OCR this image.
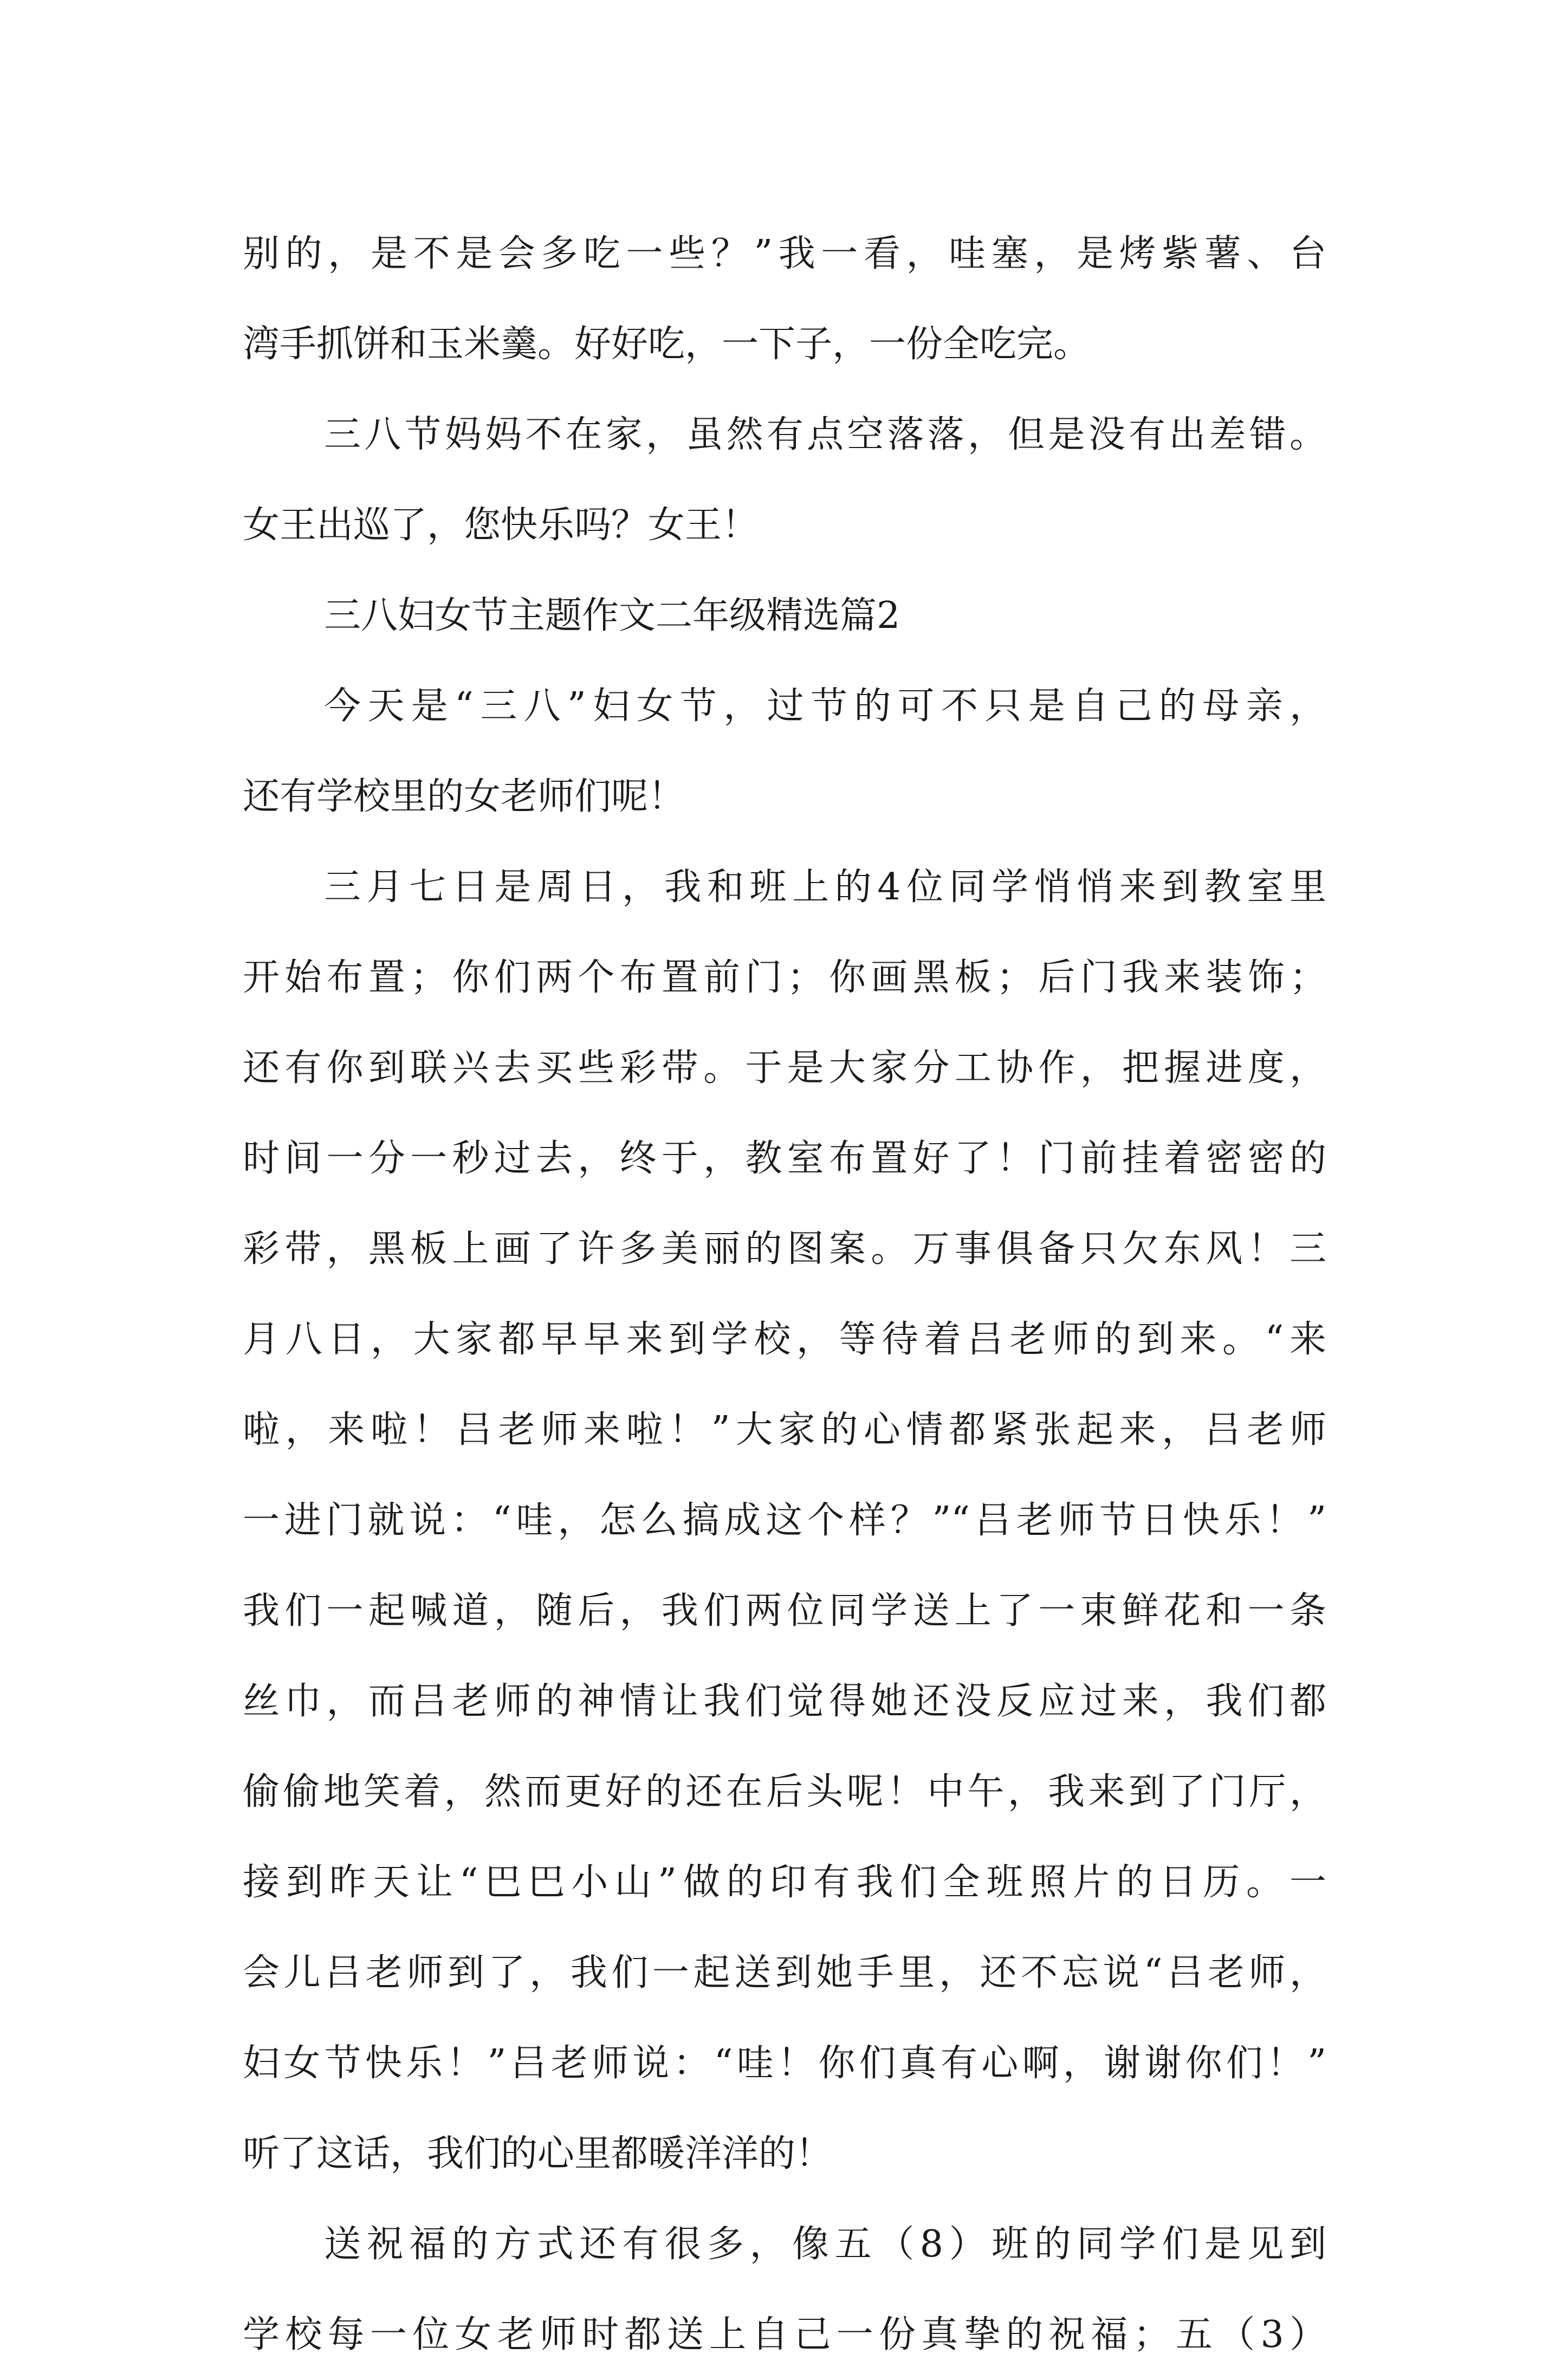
别的，是不是会多吃一些？”我一看，哇塞，是烤紫薯、台
湾手抓饼和玉米羹。好好吃，一下子，一份全吃完。
三八节妈妈不在家，虽然有点空落落，但是没有出差错。
女王出巡了，您快乐吗？女王！
三八妇女节主题作文二年级精选篇2
今天是“三八”妇女节，过节的可不只是自己的母亲，
还有学校里的女老师们呢！
三月七日是周日，我和班上的4位同学悄悄来到教室里
开始布置；你们两个布置前门；你画黑板；后门我来装饰；
还有你到联兴去买些彩带。于是大家分工协作，把握进度，
时间一分一秒过去，终于，教室布置好了！门前挂着密密的
彩带，黑板上画了许多美丽的图案。万事俱备只欠东风！三
月八日，大家都早早来到学校，等待着吕老师的到来。“来
啦，来啦！吕老师来啦！”大家的心情都紧张起来，吕老师
一进门就说：“哇，怎么搞成这个样？”“吕老师节日快乐！”
我们一起喊道，随后，我们两位同学送上了一束鲜花和一条
丝巾，而吕老师的神情让我们觉得她还没反应过来，我们都
偷偷地笑着，然而更好的还在后头呢！中午，我来到了门厅，
接到昨天让“巴巴小山”做的印有我们全班照片的日历。一
会儿吕老师到了，我们一起送到她手里，还不忘说“吕老师，
妇女节快乐！”吕老师说：“哇！你们真有心啊，谢谢你们！”
听了这话，我们的心里都暖洋洋的！
送祝福的方式还有很多，像五（8）班的同学们是见到
学校每一位女老师时都送上自己一份真挚的祝福；五（3）
